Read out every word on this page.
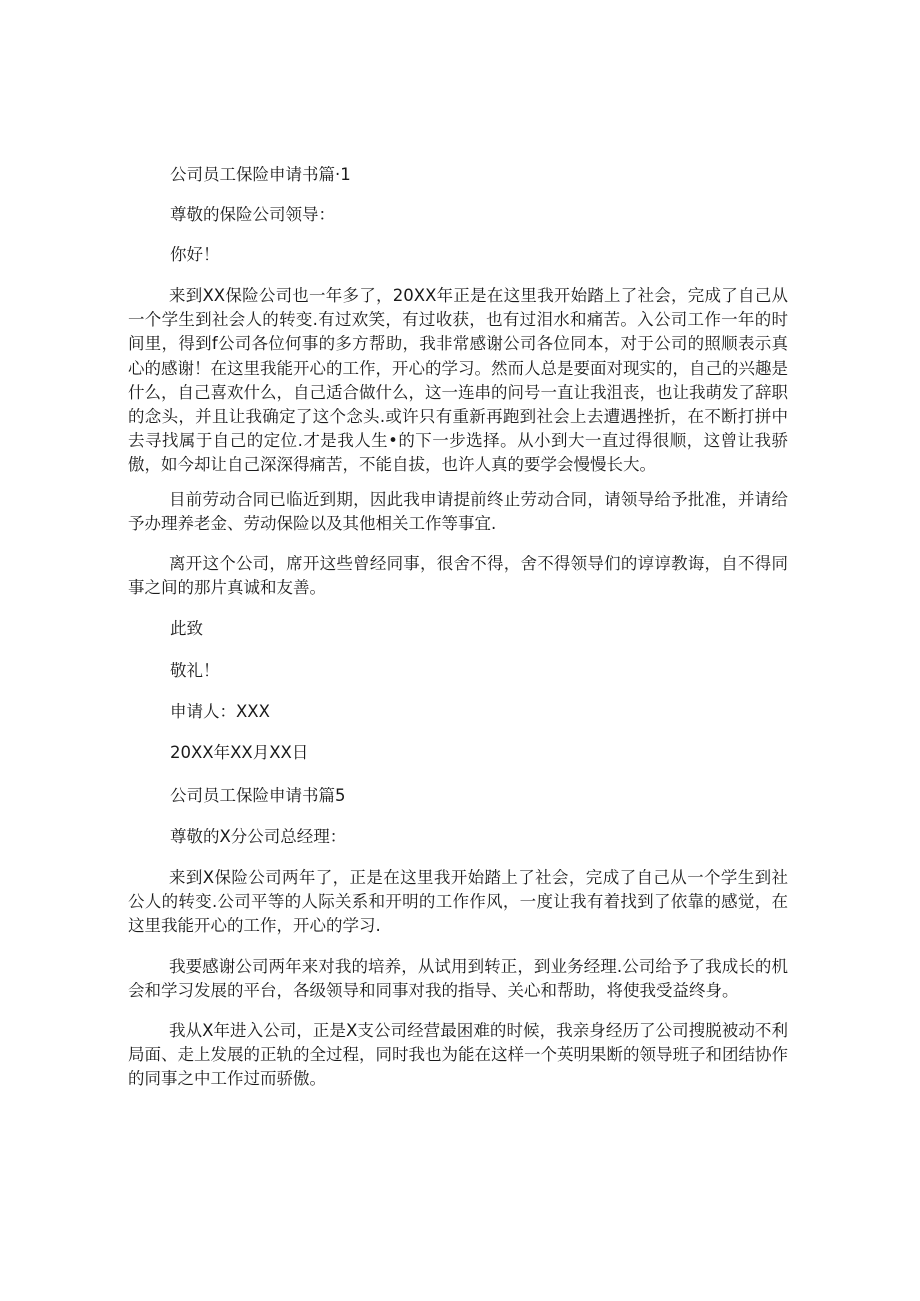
公司员工保险申请书篇·1
尊敬的保险公司领导：
你好！
来到XX保险公司也一年多了，20XX年正是在这里我开始踏上了社会，完成了自己从一个学生到社会人的转变.有过欢笑，有过收获，也有过泪水和痛苦。入公司工作一年的时间里，得到f公司各位何事的多方帮助，我非常感谢公司各位同本，对于公司的照顺表示真心的感谢！在这里我能开心的工作，开心的学习。然而人总是要面对现实的，自己的兴趣是什么，自己喜欢什么，自己适合做什么，这一连串的问号一直让我沮丧，也让我萌发了辞职的念头，并且让我确定了这个念头.或许只有重新再跑到社会上去遭遇挫折，在不断打拼中去寻找属于自己的定位.才是我人生•的下一步选择。从小到大一直过得很顺，这曾让我骄傲，如今却让自己深深得痛苦，不能自拔，也许人真的要学会慢慢长大。
目前劳动合同已临近到期，因此我申请提前终止劳动合同，请领导给予批准，并请给予办理养老金、劳动保险以及其他相关工作等事宜.
离开这个公司，席开这些曾经同事，很舍不得，舍不得领导们的谆谆教诲，自不得同事之间的那片真诚和友善。
此致
敬礼！
申请人：XXX
20XX年XX月XX日
公司员工保险申请书篇5
尊敬的X分公司总经理：
来到X保险公司两年了，正是在这里我开始踏上了社会，完成了自己从一个学生到社公人的转变.公司平等的人际关系和开明的工作作风，一度让我有着找到了依靠的感觉，在这里我能开心的工作，开心的学习.
我要感谢公司两年来对我的培养，从试用到转正，到业务经理.公司给予了我成长的机会和学习发展的平台，各级领导和同事对我的指导、关心和帮助，将使我受益终身。
我从X年进入公司，正是X支公司经营最困难的时候，我亲身经历了公司搜脱被动不利局面、走上发展的正轨的全过程，同时我也为能在这样一个英明果断的领导班子和团结协作的同事之中工作过而骄傲。
